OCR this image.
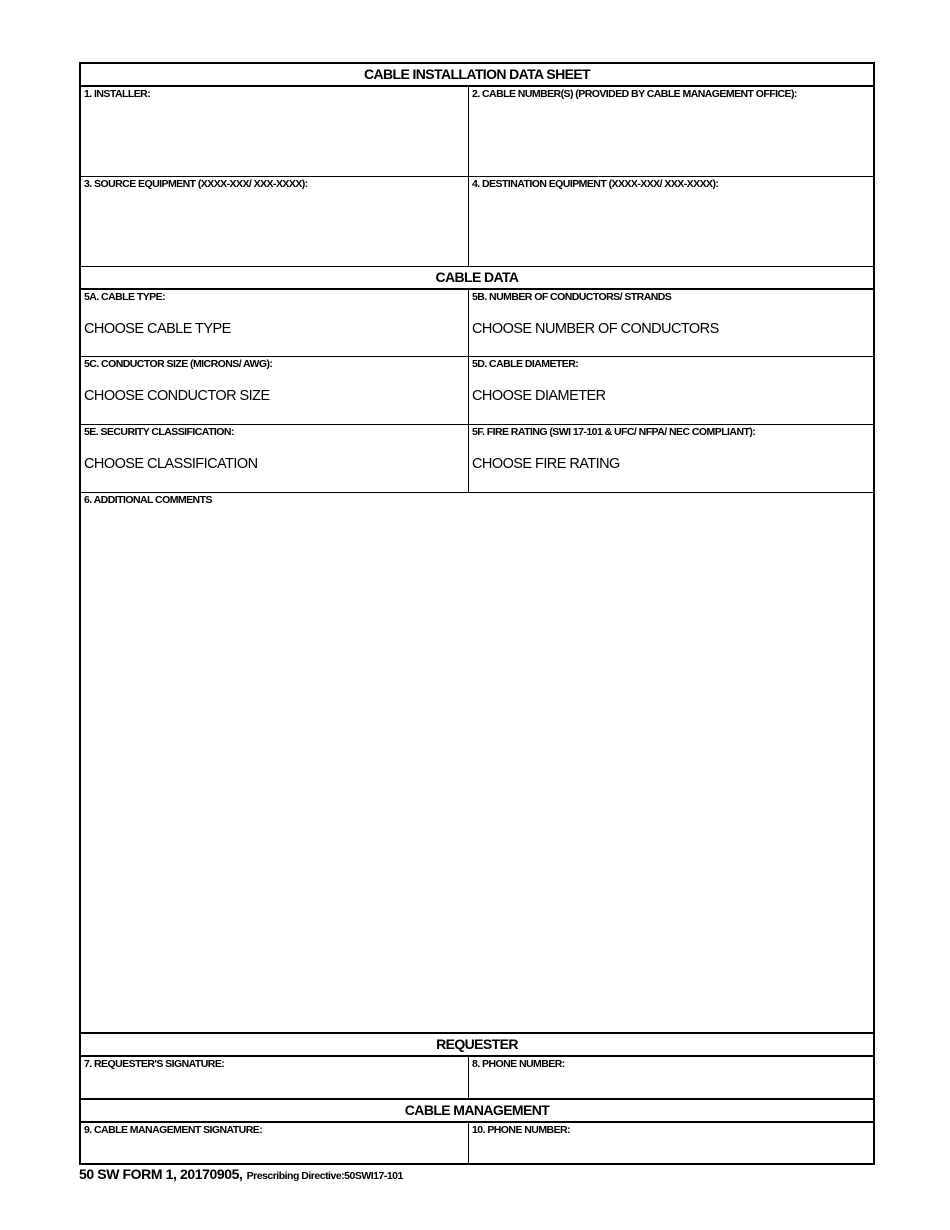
CABLE INSTALLATION DATA SHEET
1. INSTALLER:	2. CABLE NUMBER(S) (PROVIDED BY CABLE MANAGEMENT OFFICE):
3. SOURCE EQUIPMENT (XXXX-XXX/ XXX-XXXX):	4. DESTINATION EQUIPMENT (XXXX-XXX/ XXX-XXXX):
CABLE DATA
5A. CABLE TYPE:
CHOOSE CABLE TYPE
5B. NUMBER OF CONDUCTORS/ STRANDS
CHOOSE NUMBER OF CONDUCTORS
5C. CONDUCTOR SIZE (MICRONS/ AWG):
CHOOSE CONDUCTOR SIZE
5D. CABLE DIAMETER:
CHOOSE DIAMETER
5E. SECURITY CLASSIFICATION:
CHOOSE CLASSIFICATION
5F. FIRE RATING (SWI 17-101 & UFC/ NFPA/ NEC COMPLIANT):
CHOOSE FIRE RATING
6. ADDITIONAL COMMENTS
REQUESTER
7. REQUESTER'S SIGNATURE:	8. PHONE NUMBER:
CABLE MANAGEMENT
9. CABLE MANAGEMENT SIGNATURE:	10. PHONE NUMBER:
50 SW FORM 1, 20170905, Prescribing Directive:50SWI17-101
